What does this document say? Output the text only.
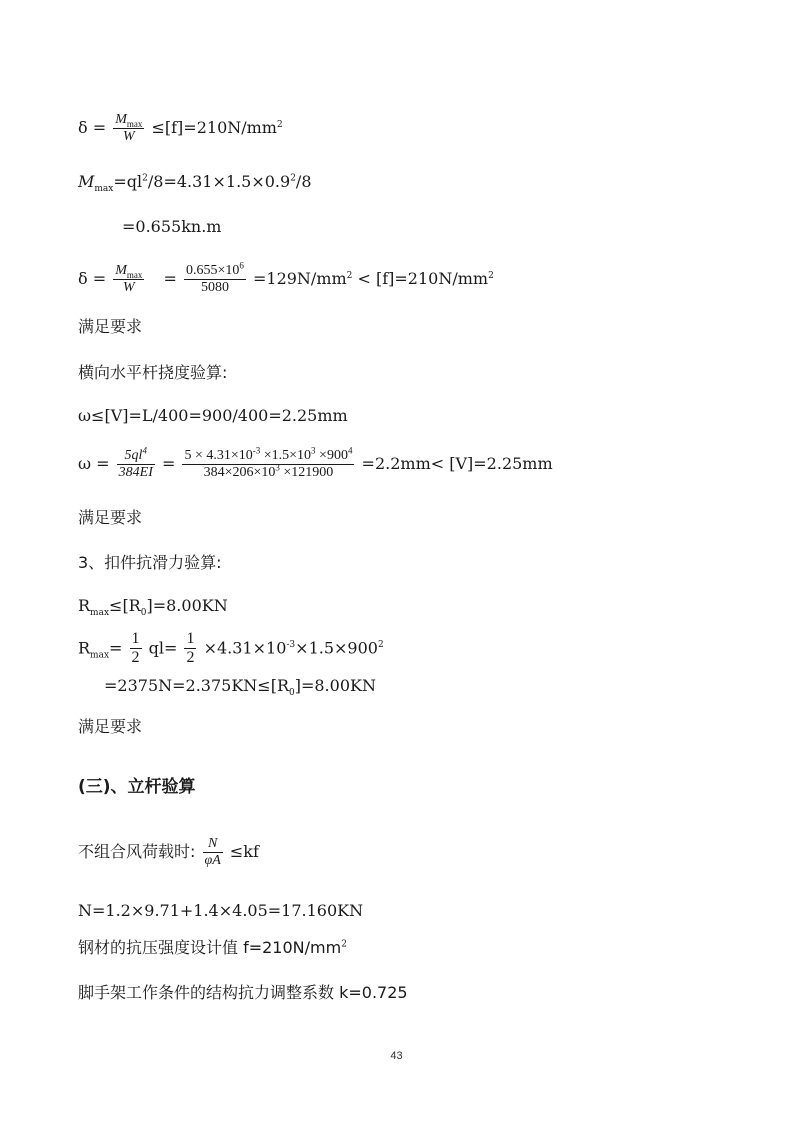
$\delta = \frac{M_{max}}{W} \le[f]=210N/mm^2$
$M_{max}=ql^2/8=4.31\times 1.5\times 0.9^2/8$
=0.655kn.m
$\delta = \frac{M_{max}}{W} = \frac{0.655\times 10^6}{5080} =129N/mm^2 < [f]=210N/mm^2$
满足要求
横向水平杆挠度验算:
ω≤[V]=L/400=900/400=2.25mm
$\omega = \frac{5ql^4}{384EI} = \frac{5 \times 4.31\times 10^{-3} \times 1.5\times 10^3 \times 900^4}{384\times 206\times 10^3 \times 121900} =2.2mm< [V]=2.25mm$
满足要求
3、扣件抗滑力验算:
$R_{max}\le[R_0]=8.00KN$
$R_{max}= \frac{1}{2} ql= \frac{1}{2} \times 4.31\times 10^{-3}\times 1.5\times 900^2$
$=2375N=2.375KN\le[R_0]=8.00KN$
满足要求
(三)、立杆验算
不组合风荷载时: $\frac{N}{\varphi A} \le kf$
N=1.2×9.71+1.4×4.05=17.160KN
钢材的抗压强度设计值 $f=210N/mm^2$
脚手架工作条件的结构抗力调整系数 k=0.725
43
